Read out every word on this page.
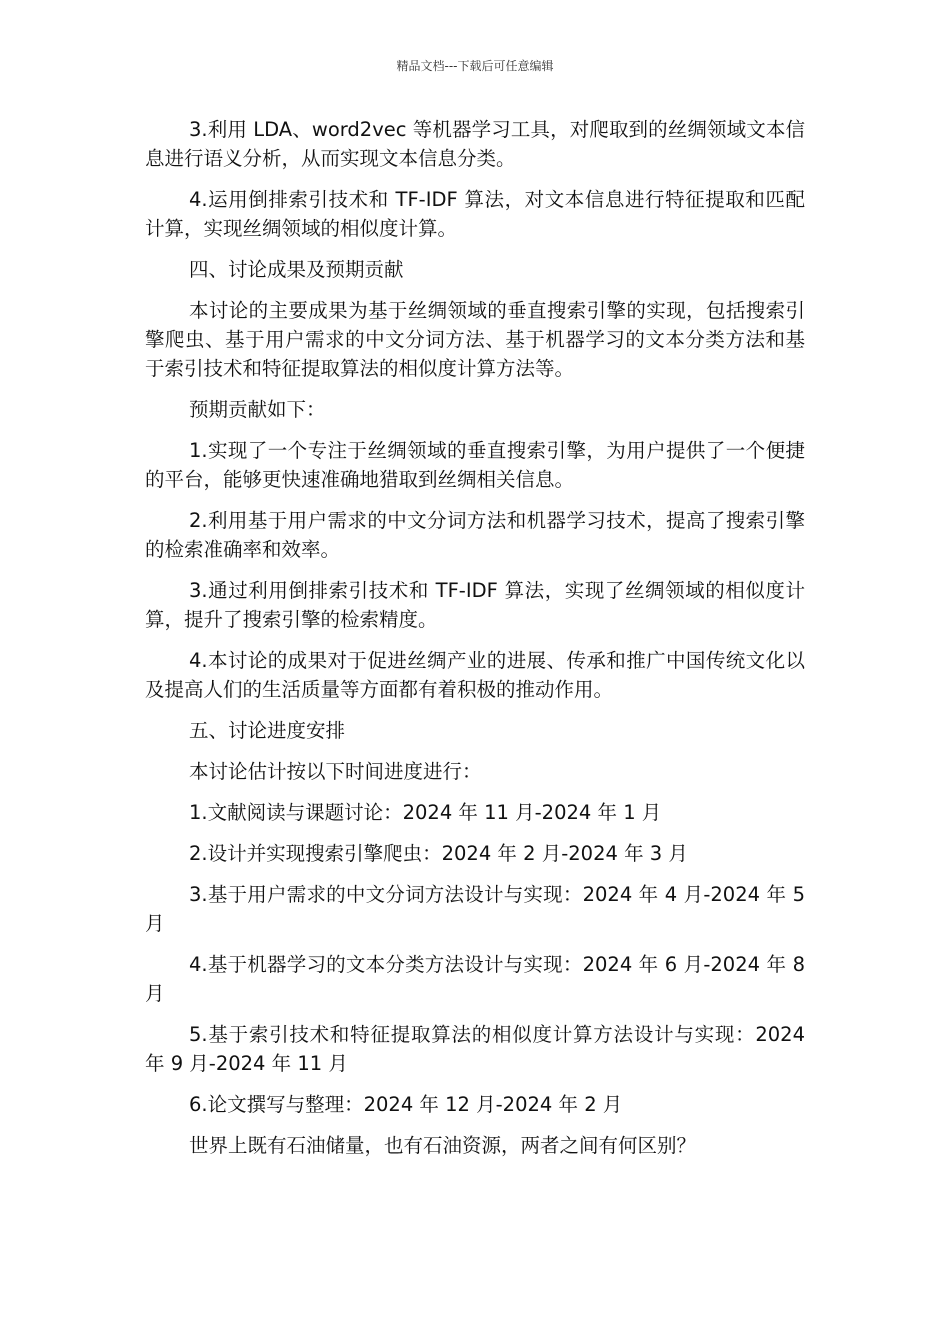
精品文档---下载后可任意编辑

3.利用 LDA、word2vec 等机器学习工具，对爬取到的丝绸领域文本信息进行语义分析，从而实现文本信息分类。

4.运用倒排索引技术和 TF-IDF 算法，对文本信息进行特征提取和匹配计算，实现丝绸领域的相似度计算。

四、讨论成果及预期贡献

本讨论的主要成果为基于丝绸领域的垂直搜索引擎的实现，包括搜索引擎爬虫、基于用户需求的中文分词方法、基于机器学习的文本分类方法和基于索引技术和特征提取算法的相似度计算方法等。

预期贡献如下：

1.实现了一个专注于丝绸领域的垂直搜索引擎，为用户提供了一个便捷的平台，能够更快速准确地猎取到丝绸相关信息。

2.利用基于用户需求的中文分词方法和机器学习技术，提高了搜索引擎的检索准确率和效率。

3.通过利用倒排索引技术和 TF-IDF 算法，实现了丝绸领域的相似度计算，提升了搜索引擎的检索精度。

4.本讨论的成果对于促进丝绸产业的进展、传承和推广中国传统文化以及提高人们的生活质量等方面都有着积极的推动作用。

五、讨论进度安排

本讨论估计按以下时间进度进行：

1.文献阅读与课题讨论：2024 年 11 月-2024 年 1 月

2.设计并实现搜索引擎爬虫：2024 年 2 月-2024 年 3 月

3.基于用户需求的中文分词方法设计与实现：2024 年 4 月-2024 年 5 月

4.基于机器学习的文本分类方法设计与实现：2024 年 6 月-2024 年 8 月

5.基于索引技术和特征提取算法的相似度计算方法设计与实现：2024 年 9 月-2024 年 11 月

6.论文撰写与整理：2024 年 12 月-2024 年 2 月

世界上既有石油储量，也有石油资源，两者之间有何区别？
